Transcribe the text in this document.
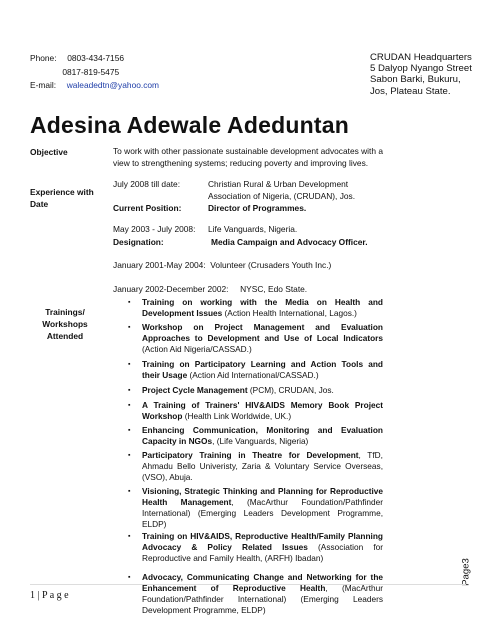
Phone: 0803-434-7156
0817-819-5475
E-mail: waleadedtn@yahoo.com
CRUDAN Headquarters
5 Dalyop Nyango Street
Sabon Barki, Bukuru,
Jos, Plateau State.
Adesina Adewale Adeduntan
Objective	To work with other passionate sustainable development advocates with a
view to strengthening systems; reducing poverty and improving lives.
Experience with
Date
July 2008 till date:	Christian Rural & Urban Development
Association of Nigeria, (CRUDAN), Jos.
Current Position:	Director of Programmes.
May 2003 - July 2008: Life Vanguards, Nigeria.
Designation:	Media Campaign and Advocacy Officer.
January 2001-May 2004:  Volunteer (Crusaders Youth Inc.)
January 2002-December 2002:     NYSC, Edo State.
Trainings/
Workshops
Attended
▪ Training on working with the Media on Health and Development Issues (Action Health International, Lagos.)
▪ Workshop on Project Management and Evaluation Approaches to Development and Use of Local Indicators (Action Aid Nigeria/CASSAD.)
▪ Training on Participatory Learning and Action Tools and their Usage (Action Aid International/CASSAD.)
▪ Project Cycle Management (PCM), CRUDAN, Jos.
▪ A Training of Trainers' HIV&AIDS Memory Book Project Workshop (Health Link Worldwide, UK.)
▪ Enhancing Communication, Monitoring and Evaluation Capacity in NGOs, (Life Vanguards, Nigeria)
▪ Participatory Training in Theatre for Development, TfD, Ahmadu Bello Univeristy, Zaria & Voluntary Service Overseas, (VSO), Abuja.
▪ Visioning, Strategic Thinking and Planning for Reproductive Health Management, (MacArthur Foundation/Pathfinder International) (Emerging Leaders Development Programme, ELDP)
▪ Training on HIV&AIDS, Reproductive Health/Family Planning Advocacy & Policy Related Issues (Association for Reproductive and Family Health, (ARFH) Ibadan)
▪ Advocacy, Communicating Change and Networking for the Enhancement of Reproductive Health, (MacArthur Foundation/Pathfinder International) (Emerging Leaders Development Programme, ELDP)
Page3
1 | P a g e
